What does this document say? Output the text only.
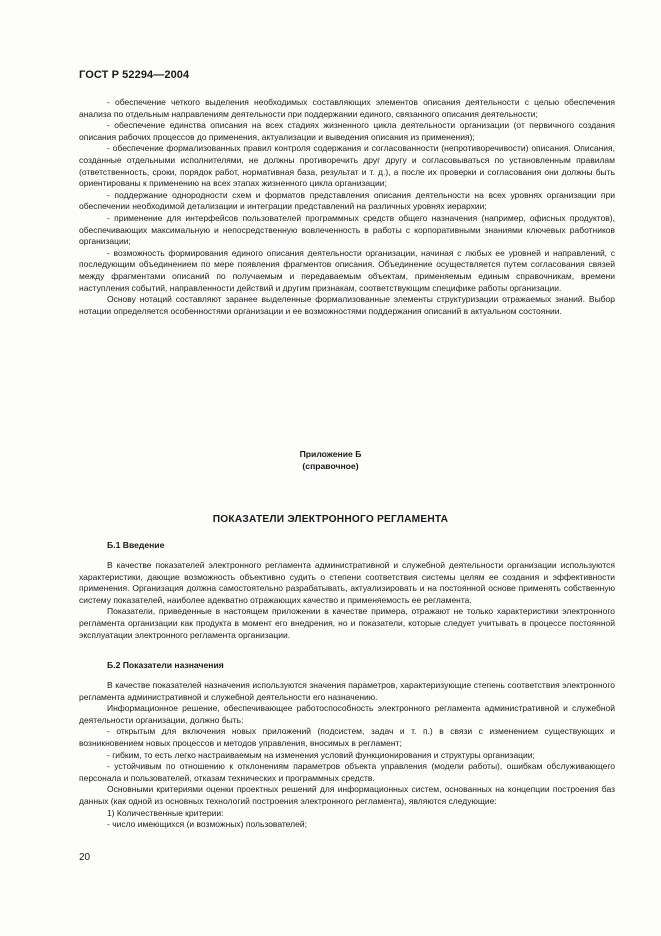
ГОСТ Р 52294—2004

- обеспечение четкого выделения необходимых составляющих элементов описания деятельности с целью обеспечения анализа по отдельным направлениям деятельности при поддержании единого, связанного описания деятельности;

- обеспечение единства описания на всех стадиях жизненного цикла деятельности организации (от первичного создания описания рабочих процессов до применения, актуализации и выведения описания из применения);

- обеспечение формализованных правил контроля содержания и согласованности (непротиворечивости) описания. Описания, созданные отдельными исполнителями, не должны противоречить друг другу и согласовываться по установленным правилам (ответственность, сроки, порядок работ, нормативная база, результат и т. д.), а после их проверки и согласования они должны быть ориентированы к применению на всех этапах жизненного цикла организации;

- поддержание однородности схем и форматов представления описания деятельности на всех уровнях организации при обеспечении необходимой детализации и интеграции представлений на различных уровнях иерархии;

- применение для интерфейсов пользователей программных средств общего назначения (например, офисных продуктов), обеспечивающих максимальную и непосредственную вовлеченность в работы с корпоративными знаниями ключевых работников организации;

- возможность формирования единого описания деятельности организации, начиная с любых ее уровней и направлений, с последующим объединением по мере появления фрагментов описания. Объединение осуществляется путем согласования связей между фрагментами описаний по получаемым и передаваемым объектам, применяемым единым справочникам, времени наступления событий, направленности действий и другим признакам, соответствующим специфике работы организации.

Основу нотаций составляют заранее выделенные формализованные элементы структуризации отражаемых знаний. Выбор нотации определяется особенностями организации и ее возможностями поддержания описаний в актуальном состоянии.

Приложение Б
(справочное)
ПОКАЗАТЕЛИ ЭЛЕКТРОННОГО РЕГЛАМЕНТА
Б.1 Введение

В качестве показателей электронного регламента административной и служебной деятельности организации используются характеристики, дающие возможность объективно судить о степени соответствия системы целям ее создания и эффективности применения. Организация должна самостоятельно разрабатывать, актуализировать и на постоянной основе применять собственную систему показателей, наиболее адекватно отражающих качество и применяемость ее регламента.

Показатели, приведенные в настоящем приложении в качестве примера, отражают не только характеристики электронного регламента организации как продукта в момент его внедрения, но и показатели, которые следует учитывать в процессе постоянной эксплуатации электронного регламента организации.

Б.2 Показатели назначения

В качестве показателей назначения используются значения параметров, характеризующие степень соответствия электронного регламента административной и служебной деятельности его назначению.

Информационное решение, обеспечивающее работоспособность электронного регламента административной и служебной деятельности организации, должно быть:

- открытым для включения новых приложений (подсистем, задач и т. п.) в связи с изменением существующих и возникновением новых процессов и методов управления, вносимых в регламент;

- гибким, то есть легко настраиваемым на изменения условий функционирования и структуры организации;

- устойчивым по отношению к отклонениям параметров объекта управления (модели работы), ошибкам обслуживающего персонала и пользователей, отказам технических и программных средств.

Основными критериями оценки проектных решений для информационных систем, основанных на концепции построения баз данных (как одной из основных технологий построения электронного регламента), являются следующие:

1) Количественные критерии:

- число имеющихся (и возможных) пользователей;

20
